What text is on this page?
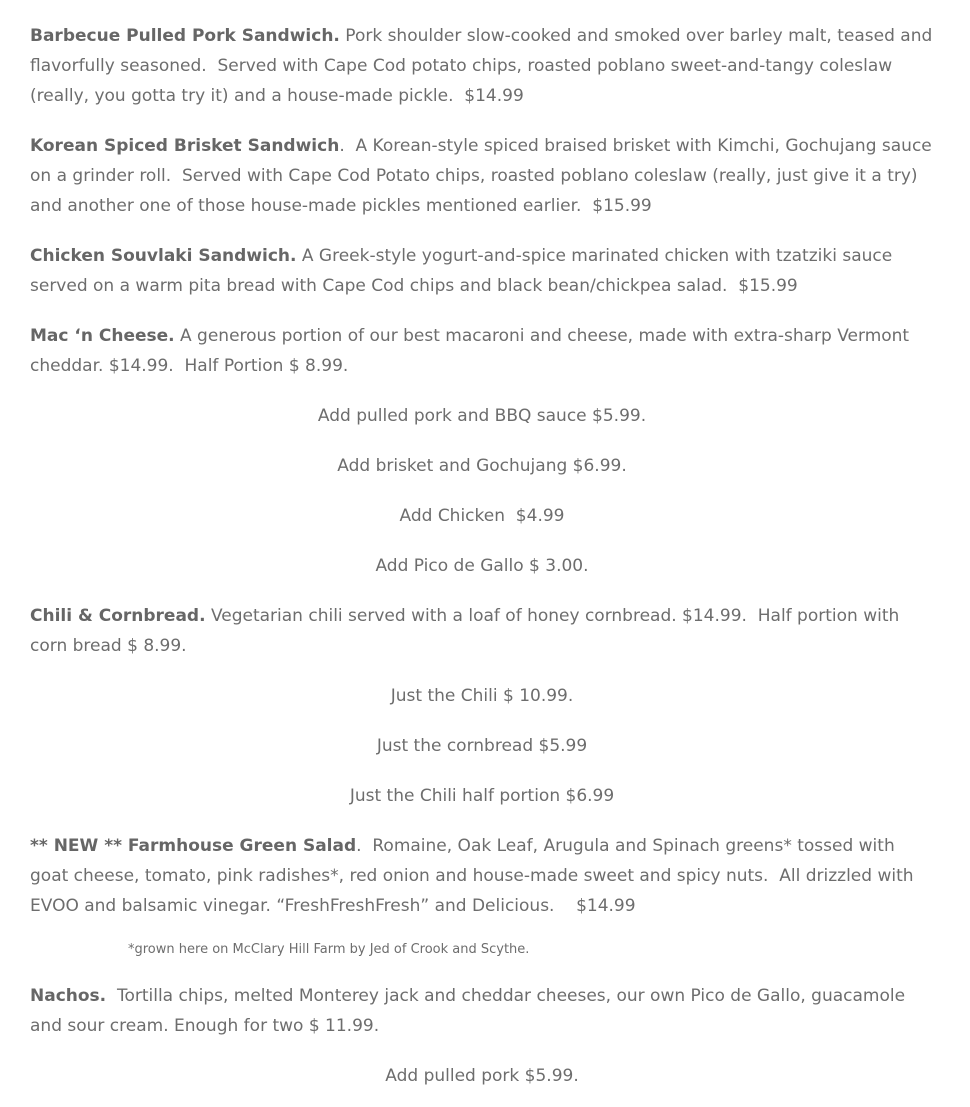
Barbecue Pulled Pork Sandwich. Pork shoulder slow-cooked and smoked over barley malt, teased and flavorfully seasoned.  Served with Cape Cod potato chips, roasted poblano sweet-and-tangy coleslaw (really, you gotta try it) and a house-made pickle.  $14.99

Korean Spiced Brisket Sandwich.  A Korean-style spiced braised brisket with Kimchi, Gochujang sauce on a grinder roll.  Served with Cape Cod Potato chips, roasted poblano coleslaw (really, just give it a try) and another one of those house-made pickles mentioned earlier.  $15.99

Chicken Souvlaki Sandwich. A Greek-style yogurt-and-spice marinated chicken with tzatziki sauce served on a warm pita bread with Cape Cod chips and black bean/chickpea salad.  $15.99

Mac ‘n Cheese. A generous portion of our best macaroni and cheese, made with extra-sharp Vermont cheddar. $14.99.  Half Portion $ 8.99.

Add pulled pork and BBQ sauce $5.99.

Add brisket and Gochujang $6.99.

Add Chicken  $4.99

Add Pico de Gallo $ 3.00.

Chili & Cornbread. Vegetarian chili served with a loaf of honey cornbread. $14.99.  Half portion with corn bread $ 8.99.

Just the Chili $ 10.99.

Just the cornbread $5.99

Just the Chili half portion $6.99

** NEW ** Farmhouse Green Salad.  Romaine, Oak Leaf, Arugula and Spinach greens* tossed with goat cheese, tomato, pink radishes*, red onion and house-made sweet and spicy nuts.  All drizzled with EVOO and balsamic vinegar. “FreshFreshFresh” and Delicious.    $14.99

*grown here on McClary Hill Farm by Jed of Crook and Scythe.

Nachos.  Tortilla chips, melted Monterey jack and cheddar cheeses, our own Pico de Gallo, guacamole and sour cream. Enough for two $ 11.99.

Add pulled pork $5.99.
